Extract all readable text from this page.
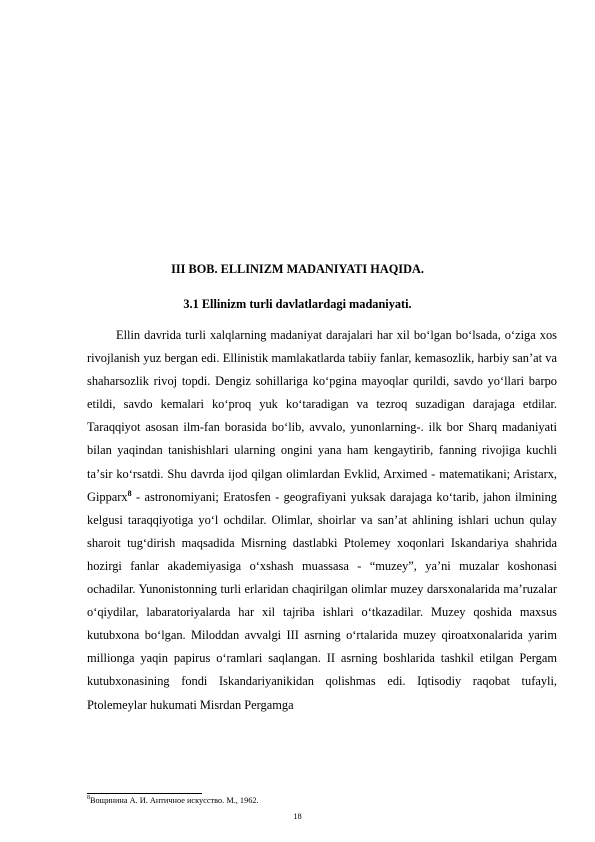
III BOB. ELLINIZM MADANIYATI HAQIDA.
3.1 Ellinizm turli davlatlardagi madaniyati.

Ellin davrida turli xalqlarning madaniyat darajalari har xil boʻlgan boʻlsada, oʻziga xos rivojlanish yuz bergan edi. Ellinistik mamlakatlarda tabiiy fanlar, kemasozlik, harbiy sanʼat va shaharsozlik rivoj topdi. Dengiz sohillariga koʻpgina mayoqlar qurildi, savdo yoʻllari barpo etildi, savdo kemalari koʻproq yuk koʻtaradigan va tezroq suzadigan darajaga etdilar. Taraqqiyot asosan ilm-fan borasida boʻlib, avvalo, yunonlarning-. ilk bor Sharq madaniyati bilan yaqindan tanishishlari ularning ongini yana ham kengaytirib, fanning rivojiga kuchli taʼsir koʻrsatdi. Shu davrda ijod qilgan olimlardan Evklid, Arximed - matematikani; Aristarx, Gipparx$^8$ - astronomiyani; Eratosfen - geografiyani yuksak darajaga koʻtarib, jahon ilmining kelgusi taraqqiyotiga yoʻl ochdilar. Olimlar, shoirlar va sanʼat ahlining ishlari uchun qulay sharoit tugʻdirish maqsadida Misrning dastlabki Ptolemey xoqonlari Iskandariya shahrida hozirgi fanlar akademiyasiga oʻxshash muassasa - “muzey”, yaʼni muzalar koshonasi ochadilar. Yunonistonning turli erlaridan chaqirilgan olimlar muzey darsxonalarida maʼruzalar oʻqiydilar, labaratoriyalarda har xil tajriba ishlari oʻtkazadilar. Muzey qoshida maxsus kutubxona boʻlgan. Miloddan avvalgi III asrning oʻrtalarida muzey qiroatxonalarida yarim millionga yaqin papirus oʻramlari saqlangan. II asrning boshlarida tashkil etilgan Pergam kutubxonasining fondi Iskandariyanikidan qolishmas edi. Iqtisodiy raqobat tufayli, Ptolemeylar hukumati Misrdan Pergamga

$^8$Вощинина А. И. Античное искусство. М., 1962.
18
